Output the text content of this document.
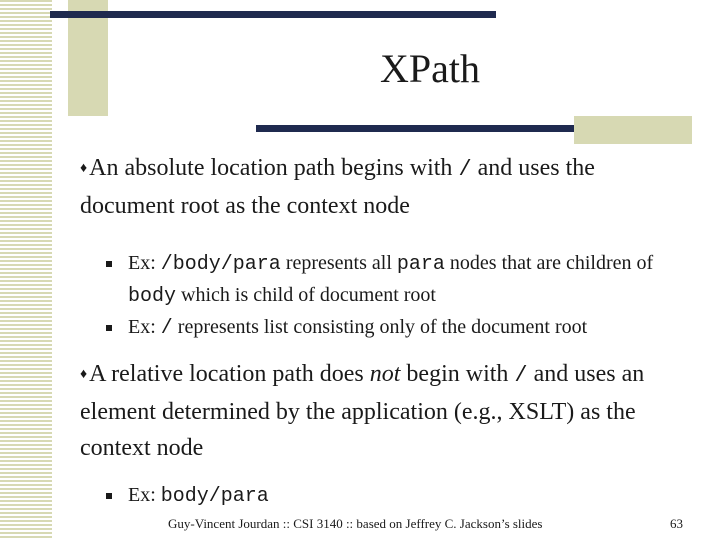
XPath

♦An absolute location path begins with / and uses the document root as the context node

Ex: /body/para represents all para nodes that are children of body which is child of document root

Ex: / represents list consisting only of the document root

♦A relative location path does not begin with / and uses an element determined by the application (e.g., XSLT) as the context node

Ex: body/para

Guy-Vincent Jourdan :: CSI 3140 :: based on Jeffrey C. Jackson’s slides	63
